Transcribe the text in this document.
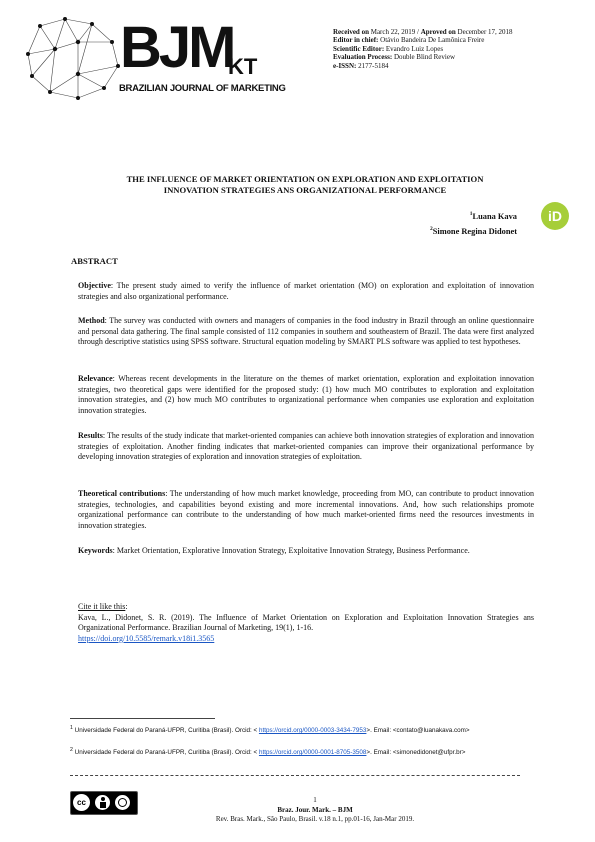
BJM
KT
BRAZILIAN JOURNAL OF MARKETING
Received on March 22, 2019 / Aproved on December 17, 2018
Editor in chief: Otávio Bandeira De Lamônica Freire
Scientific Editor: Evandro Luiz Lopes
Evaluation Process: Double Blind Review
e-ISSN: 2177-5184
THE INFLUENCE OF MARKET ORIENTATION ON EXPLORATION AND EXPLOITATION
INNOVATION STRATEGIES ANS ORGANIZATIONAL PERFORMANCE
$^1$Luana Kava
$^2$Simone Regina Didonet
iD
ABSTRACT
Objective: The present study aimed to verify the influence of market orientation (MO) on exploration and exploitation of innovation strategies and also organizational performance.
Method: The survey was conducted with owners and managers of companies in the food industry in Brazil through an online questionnaire and personal data gathering. The final sample consisted of 112 companies in southern and southeastern of Brazil. The data were first analyzed through descriptive statistics using SPSS software. Structural equation modeling by SMART PLS software was applied to test hypotheses.
Relevance: Whereas recent developments in the literature on the themes of market orientation, exploration and exploitation innovation strategies, two theoretical gaps were identified for the proposed study: (1) how much MO contributes to exploration and exploitation innovation strategies, and (2) how much MO contributes to organizational performance when companies use exploration and exploitation innovation strategies.
Results: The results of the study indicate that market-oriented companies can achieve both innovation strategies of exploration and innovation strategies of exploitation. Another finding indicates that market-oriented companies can improve their organizational performance by developing innovation strategies of exploration and innovation strategies of exploitation.
Theoretical contributions: The understanding of how much market knowledge, proceeding from MO, can contribute to product innovation strategies, technologies, and capabilities beyond existing and more incremental innovations. And, how such relationships promote organizational performance can contribute to the understanding of how much market-oriented firms need the resources investments in innovation strategies.
Keywords: Market Orientation, Explorative Innovation Strategy, Exploitative Innovation Strategy, Business Performance.
Cite it like this:
Kava, L., Didonet, S. R. (2019). The Influence of Market Orientation on Exploration and Exploitation Innovation Strategies ans Organizational Performance. Brazilian Journal of Marketing, 19(1), 1-16.
https://doi.org/10.5585/remark.v18i1.3565
$^1$ Universidade Federal do Paraná-UFPR, Curitiba (Brasil). Orcid: < https://orcid.org/0000-0003-3434-7953>. Email: <contato@luanakava.com>
$^2$ Universidade Federal do Paraná-UFPR, Curitiba (Brasil). Orcid: < https://orcid.org/0000-0001-8705-3508>. Email: <simonedidonet@ufpr.br>
cc	1
Braz. Jour. Mark. – BJM
Rev. Bras. Mark., São Paulo, Brasil. v.18 n.1, pp.01-16, Jan-Mar 2019.
